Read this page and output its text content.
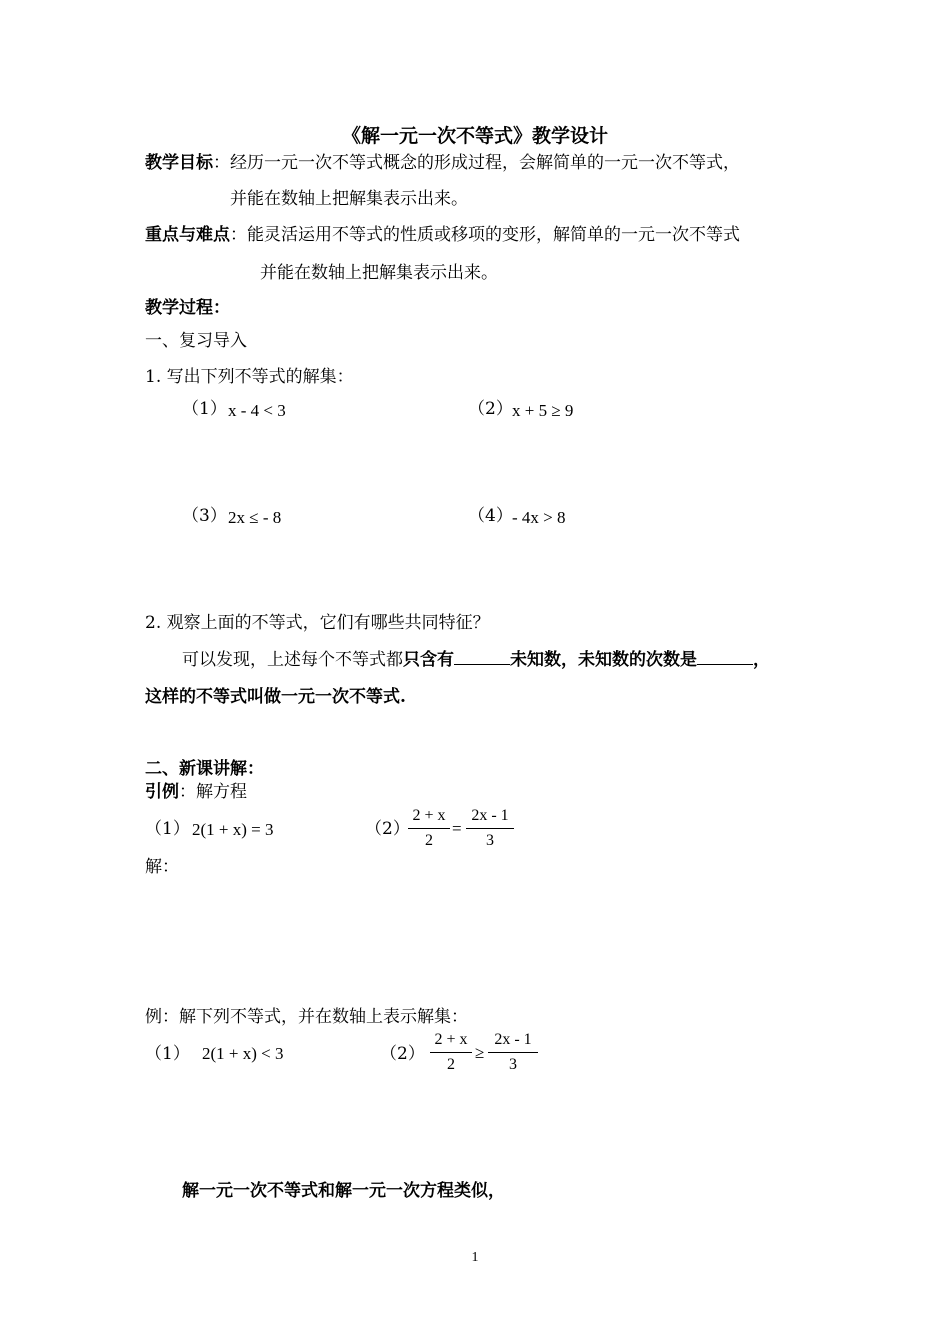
《解一元一次不等式》教学设计
教学目标：经历一元一次不等式概念的形成过程，会解简单的一元一次不等式，
并能在数轴上把解集表示出来。
重点与难点：能灵活运用不等式的性质或移项的变形，解简单的一元一次不等式
并能在数轴上把解集表示出来。
教学过程：
一、复习导入
1. 写出下列不等式的解集：
（1） x - 4 < 3	（2） x + 5 ≥ 9
（3） 2x ≤ - 8	（4） - 4x > 8
2. 观察上面的不等式，它们有哪些共同特征？
可以发现，上述每个不等式都只含有	未知数，未知数的次数是	，
这样的不等式叫做一元一次不等式.
二、新课讲解：
引例：解方程
（1） 2(1 + x) = 3	（2）
2 + x
2
=
2x - 1
3
解：
例：解下列不等式，并在数轴上表示解集：
（1） 2(1 + x) < 3	（2）
2 + x
2
≥
2x - 1
3
解一元一次不等式和解一元一次方程类似，
1
